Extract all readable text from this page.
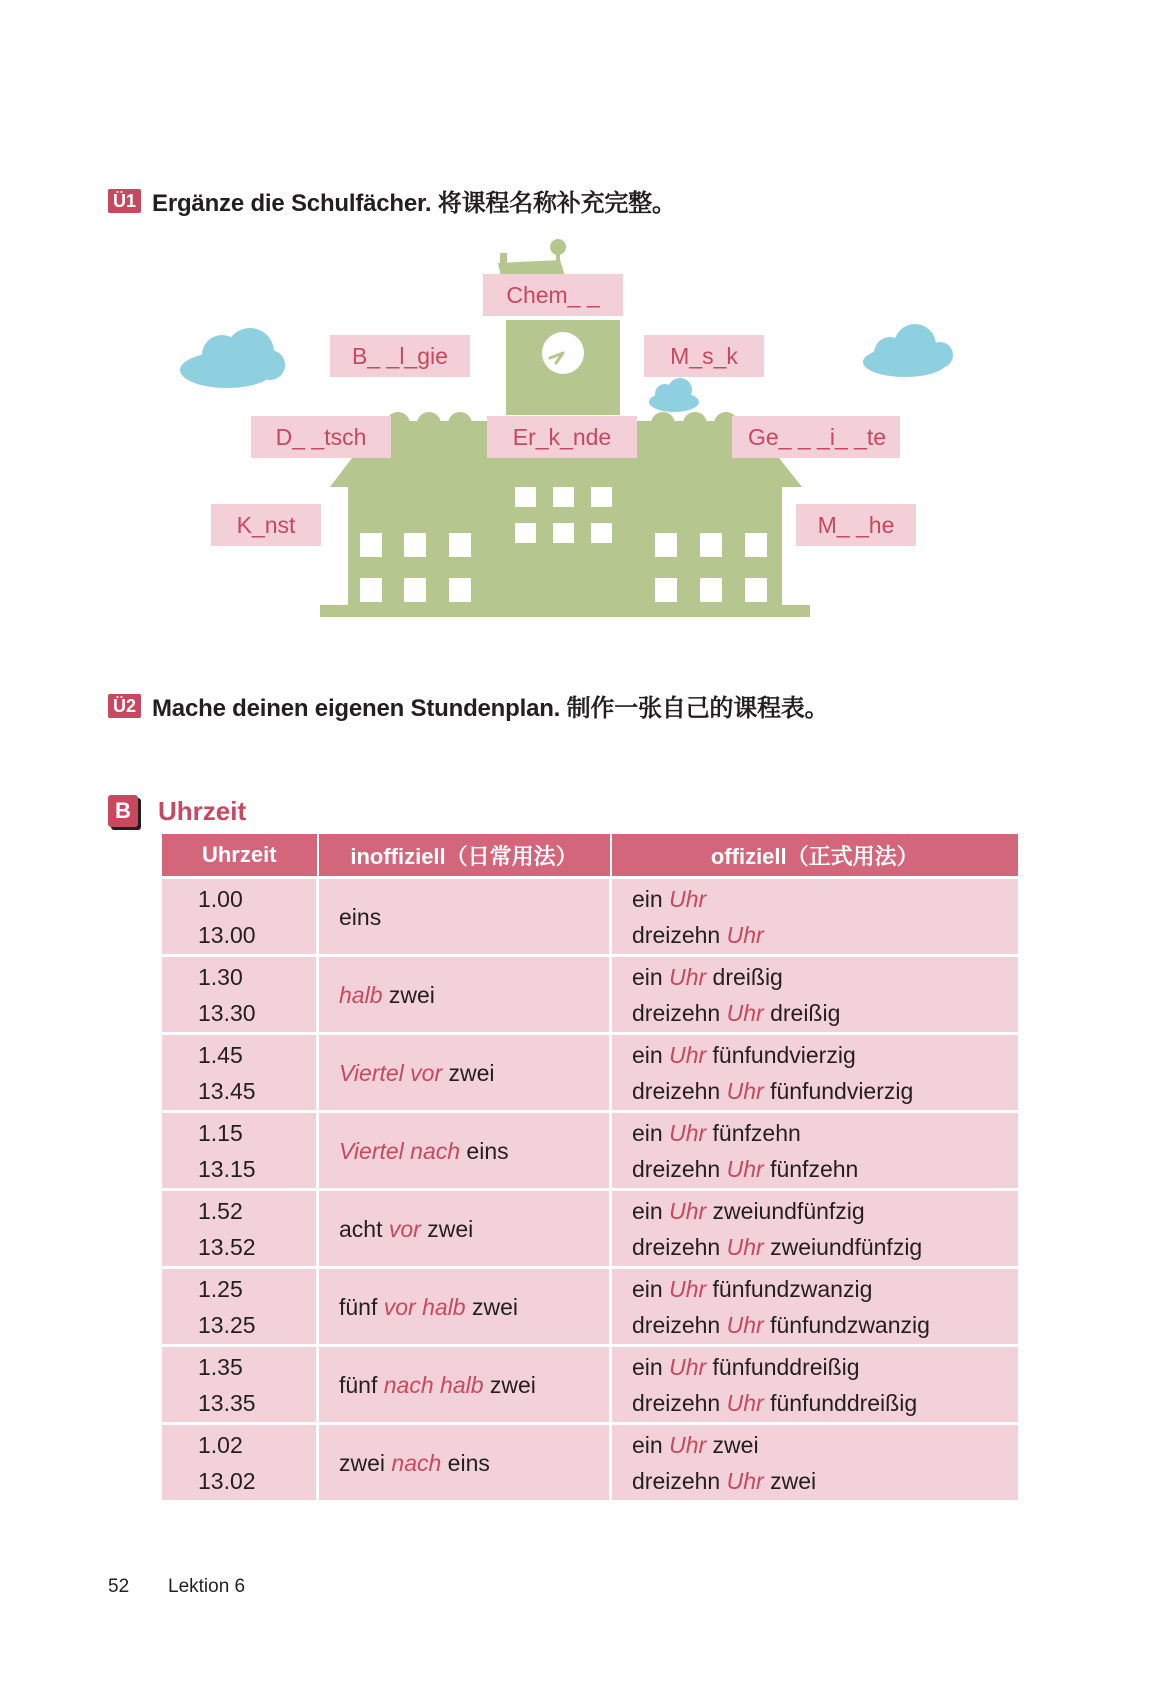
Ü1 Ergänze die Schulfächer. 将课程名称补充完整。
Chem_ _
B_ _l_gie	M_s_k
D_ _tsch	Er_k_nde	Ge_ _ _i_ _te
K_nst	M_ _he
Ü2 Mache deinen eigenen Stundenplan. 制作一张自己的课程表。
B Uhrzeit
Uhrzeit	inoffiziell（日常用法）	offiziell（正式用法）

1.00
13.00	eins	ein Uhr
dreizehn Uhr

1.30
13.30	halb zwei	ein Uhr dreißig
dreizehn Uhr dreißig

1.45
13.45	Viertel vor zwei	ein Uhr fünfundvierzig
dreizehn Uhr fünfundvierzig

1.15
13.15	Viertel nach eins	ein Uhr fünfzehn
dreizehn Uhr fünfzehn

1.52
13.52	acht vor zwei	ein Uhr zweiundfünfzig
dreizehn Uhr zweiundfünfzig

1.25
13.25	fünf vor halb zwei	ein Uhr fünfundzwanzig
dreizehn Uhr fünfundzwanzig

1.35
13.35	fünf nach halb zwei	ein Uhr fünfunddreißig
dreizehn Uhr fünfunddreißig

1.02
13.02	zwei nach eins	ein Uhr zwei
dreizehn Uhr zwei
52 Lektion 6
